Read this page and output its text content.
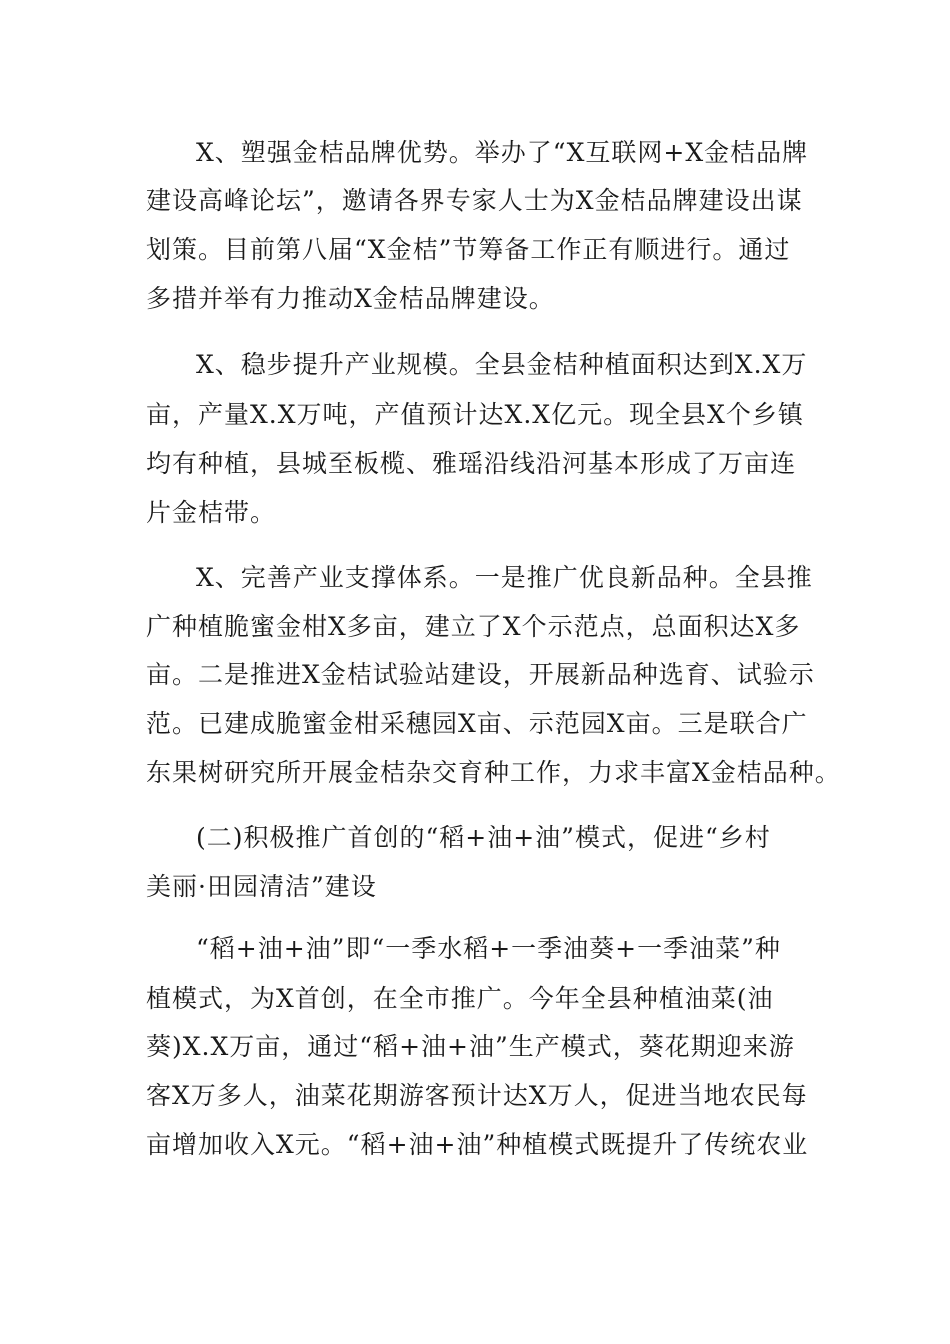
X、塑强金桔品牌优势。举办了“X互联网+X金桔品牌
建设高峰论坛”，邀请各界专家人士为X金桔品牌建设出谋
划策。目前第八届“X金桔”节筹备工作正有顺进行。通过
多措并举有力推动X金桔品牌建设。
X、稳步提升产业规模。全县金桔种植面积达到X.X万
亩，产量X.X万吨，产值预计达X.X亿元。现全县X个乡镇
均有种植，县城至板榄、雅瑶沿线沿河基本形成了万亩连
片金桔带。
X、完善产业支撑体系。一是推广优良新品种。全县推
广种植脆蜜金柑X多亩，建立了X个示范点，总面积达X多
亩。二是推进X金桔试验站建设，开展新品种选育、试验示
范。已建成脆蜜金柑采穗园X亩、示范园X亩。三是联合广
东果树研究所开展金桔杂交育种工作，力求丰富X金桔品种。
(二)积极推广首创的“稻+油+油”模式，促进“乡村
美丽·田园清洁”建设
“稻+油+油”即“一季水稻+一季油葵+一季油菜”种
植模式，为X首创，在全市推广。今年全县种植油菜(油
葵)X.X万亩，通过“稻+油+油”生产模式，葵花期迎来游
客X万多人，油菜花期游客预计达X万人，促进当地农民每
亩增加收入X元。“稻+油+油”种植模式既提升了传统农业
